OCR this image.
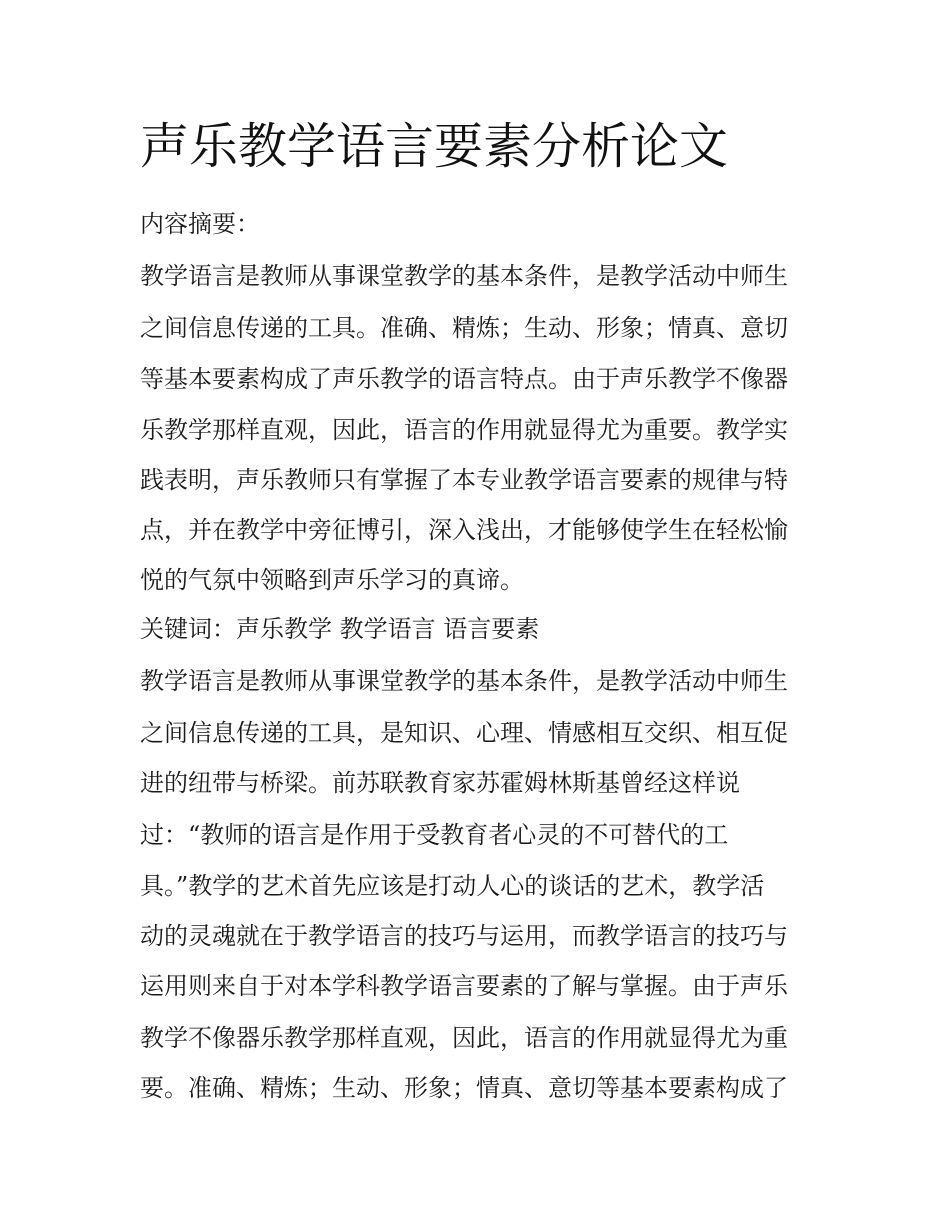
声乐教学语言要素分析论文

内容摘要：

教学语言是教师从事课堂教学的基本条件，是教学活动中师生

之间信息传递的工具。准确、精炼；生动、形象；情真、意切

等基本要素构成了声乐教学的语言特点。由于声乐教学不像器

乐教学那样直观，因此，语言的作用就显得尤为重要。教学实

践表明，声乐教师只有掌握了本专业教学语言要素的规律与特

点，并在教学中旁征博引，深入浅出，才能够使学生在轻松愉

悦的气氛中领略到声乐学习的真谛。

关键词：声乐教学 教学语言 语言要素

教学语言是教师从事课堂教学的基本条件，是教学活动中师生

之间信息传递的工具，是知识、心理、情感相互交织、相互促

进的纽带与桥梁。前苏联教育家苏霍姆林斯基曾经这样说

过：“教师的语言是作用于受教育者心灵的不可替代的工

具。”教学的艺术首先应该是打动人心的谈话的艺术，教学活

动的灵魂就在于教学语言的技巧与运用，而教学语言的技巧与

运用则来自于对本学科教学语言要素的了解与掌握。由于声乐

教学不像器乐教学那样直观，因此，语言的作用就显得尤为重

要。准确、精炼；生动、形象；情真、意切等基本要素构成了
